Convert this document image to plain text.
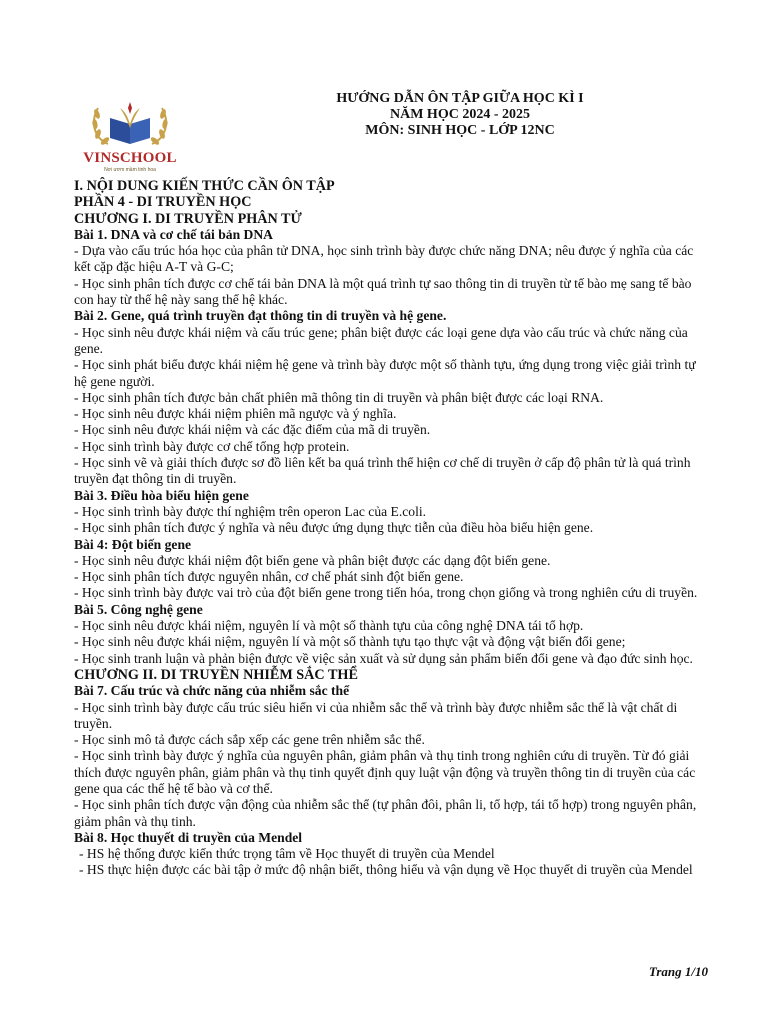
VINSCHOOL
Nơi ươm mầm tinh hoa
HƯỚNG DẪN ÔN TẬP GIỮA HỌC KÌ I
NĂM HỌC 2024 - 2025
MÔN: SINH HỌC - LỚP 12NC

I. NỘI DUNG KIẾN THỨC CẦN ÔN TẬP

PHẦN 4 - DI TRUYỀN HỌC

CHƯƠNG I. DI TRUYỀN PHÂN TỬ

Bài 1. DNA và cơ chế tái bản DNA

- Dựa vào cấu trúc hóa học của phân tử DNA, học sinh trình bày được chức năng DNA; nêu được ý nghĩa của các kết cặp đặc hiệu A-T và G-C;

- Học sinh phân tích được cơ chế tái bản DNA là một quá trình tự sao thông tin di truyền từ tế bào mẹ sang tế bào con hay từ thế hệ này sang thế hệ khác.

Bài 2. Gene, quá trình truyền đạt thông tin di truyền và hệ gene.

- Học sinh nêu được khái niệm và cấu trúc gene; phân biệt được các loại gene dựa vào cấu trúc và chức năng của gene.

- Học sinh phát biểu được khái niệm hệ gene và trình bày được một số thành tựu, ứng dụng trong việc giải trình tự hệ gene người.

- Học sinh phân tích được bản chất phiên mã thông tin di truyền và phân biệt được các loại RNA.

- Học sinh nêu được khái niệm phiên mã ngược và ý nghĩa.

- Học sinh nêu được khái niệm và các đặc điểm của mã di truyền.

- Học sinh trình bày được cơ chế tổng hợp protein.

- Học sinh vẽ và giải thích được sơ đồ liên kết ba quá trình thể hiện cơ chế di truyền ở cấp độ phân tử là quá trình truyền đạt thông tin di truyền.

Bài 3. Điều hòa biểu hiện gene

- Học sinh trình bày được thí nghiệm trên operon Lac của E.coli.

- Học sinh phân tích được ý nghĩa và nêu được ứng dụng thực tiễn của điều hòa biểu hiện gene.

Bài 4: Đột biến gene

- Học sinh nêu được khái niệm đột biến gene và phân biệt được các dạng đột biến gene.

- Học sinh phân tích được nguyên nhân, cơ chế phát sinh đột biến gene.

- Học sinh trình bày được vai trò của đột biến gene trong tiến hóa, trong chọn giống và trong nghiên cứu di truyền.

Bài 5. Công nghệ gene

- Học sinh nêu được khái niệm, nguyên lí và một số thành tựu của công nghệ DNA tái tổ hợp.

- Học sinh nêu được khái niệm, nguyên lí và một số thành tựu tạo thực vật và động vật biến đổi gene;

- Học sinh tranh luận và phản biện được về việc sản xuất và sử dụng sản phẩm biến đổi gene và đạo đức sinh học.

CHƯƠNG II. DI TRUYỀN NHIỄM SẮC THỂ

Bài 7. Cấu trúc và chức năng của nhiễm sắc thể

- Học sinh trình bày được cấu trúc siêu hiển vi của nhiễm sắc thể và trình bày được nhiễm sắc thể là vật chất di truyền.

- Học sinh mô tả được cách sắp xếp các gene trên nhiễm sắc thể.

- Học sinh trình bày được ý nghĩa của nguyên phân, giảm phân và thụ tinh trong nghiên cứu di truyền. Từ đó giải thích được nguyên phân, giảm phân và thụ tinh quyết định quy luật vận động và truyền thông tin di truyền của các gene qua các thế hệ tế bào và cơ thể.

- Học sinh phân tích được vận động của nhiễm sắc thể (tự phân đôi, phân li, tổ hợp, tái tổ hợp) trong nguyên phân, giảm phân và thụ tinh.

Bài 8. Học thuyết di truyền của Mendel

- HS hệ thống được kiến thức trọng tâm về Học thuyết di truyền của Mendel

- HS thực hiện được các bài tập ở mức độ nhận biết, thông hiểu và vận dụng về Học thuyết di truyền của Mendel

Trang 1/10
